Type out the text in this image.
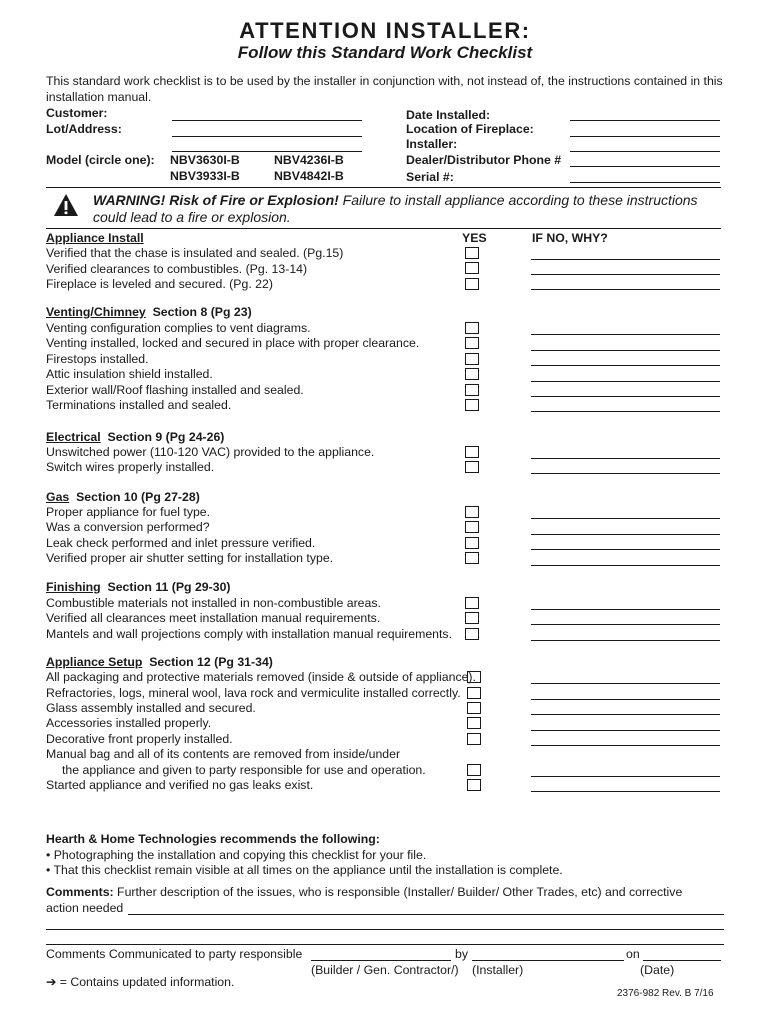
ATTENTION INSTALLER:
Follow this Standard Work Checklist
This standard work checklist is to be used by the installer in conjunction with, not instead of, the instructions contained in this installation manual.
Customer:
Lot/Address:
Model (circle one): NBV3630I-B	NBV4236I-B
NBV3933I-B	NBV4842I-B
Date Installed:
Location of Fireplace:
Installer:
Dealer/Distributor Phone #
Serial #:
WARNING! Risk of Fire or Explosion! Failure to install appliance according to these instructions could lead to a fire or explosion.
YES	IF NO, WHY?
Appliance Install
Verified that the chase is insulated and sealed. (Pg.15)
Verified clearances to combustibles. (Pg. 13-14)
Fireplace is leveled and secured. (Pg. 22)
Venting/Chimney Section 8 (Pg 23)
Venting configuration complies to vent diagrams.
Venting installed, locked and secured in place with proper clearance.
Firestops installed.
Attic insulation shield installed.
Exterior wall/Roof flashing installed and sealed.
Terminations installed and sealed.
Electrical Section 9 (Pg 24-26)
Unswitched power (110-120 VAC) provided to the appliance.
Switch wires properly installed.
Gas Section 10 (Pg 27-28)
Proper appliance for fuel type.
Was a conversion performed?
Leak check performed and inlet pressure verified.
Verified proper air shutter setting for installation type.
Finishing Section 11 (Pg 29-30)
Combustible materials not installed in non-combustible areas.
Verified all clearances meet installation manual requirements.
Mantels and wall projections comply with installation manual requirements.
Appliance Setup Section 12 (Pg 31-34)
All packaging and protective materials removed (inside & outside of appliance).
Refractories, logs, mineral wool, lava rock and vermiculite installed correctly.
Glass assembly installed and secured.
Accessories installed properly.
Decorative front properly installed.
Manual bag and all of its contents are removed from inside/under
the appliance and given to party responsible for use and operation.
Started appliance and verified no gas leaks exist.
Hearth & Home Technologies recommends the following:
• Photographing the installation and copying this checklist for your file.
• That this checklist remain visible at all times on the appliance until the installation is complete.
Comments: Further description of the issues, who is responsible (Installer/ Builder/ Other Trades, etc) and corrective
action needed
Comments Communicated to party responsible	by	on
(Builder / Gen. Contractor/) (Installer)	(Date)
➔ = Contains updated information.
2376-982 Rev. B 7/16
